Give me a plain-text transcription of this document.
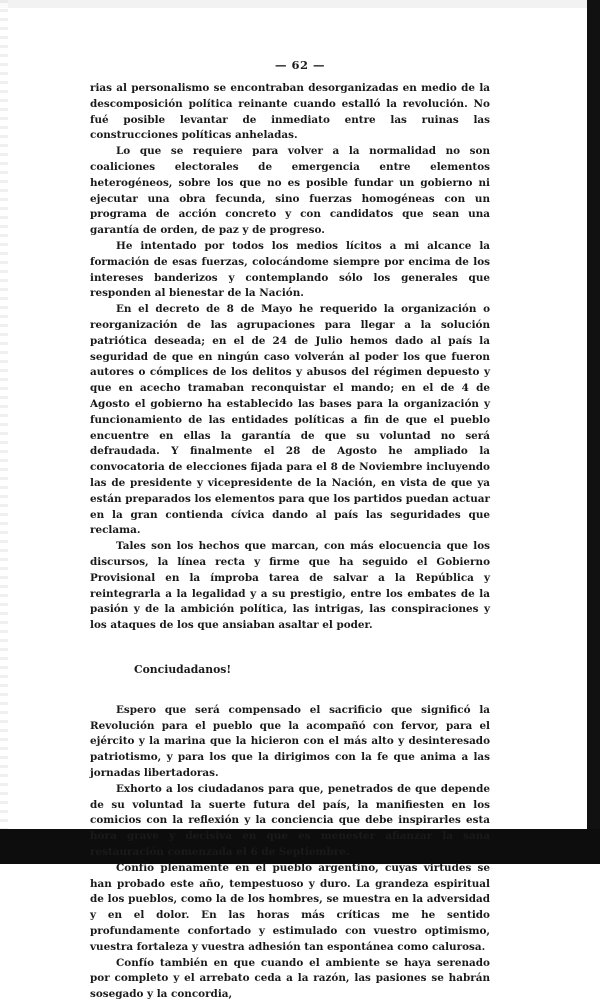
— 62 —

rias al personalismo se encontraban desorganizadas en medio de la descomposición política reinante cuando estalló la revolución. No fué posible levantar de inmediato entre las ruinas las construcciones políticas anheladas.

Lo que se requiere para volver a la normalidad no son coaliciones electorales de emergencia entre elementos heterogéneos, sobre los que no es posible fundar un gobierno ni ejecutar una obra fecunda, sino fuerzas homogéneas con un programa de acción concreto y con candidatos que sean una garantía de orden, de paz y de progreso.

He intentado por todos los medios lícitos a mi alcance la formación de esas fuerzas, colocándome siempre por encima de los intereses banderizos y contemplando sólo los generales que responden al bienestar de la Nación.

En el decreto de 8 de Mayo he requerido la organización o reorganización de las agrupaciones para llegar a la solución patriótica deseada; en el de 24 de Julio hemos dado al país la seguridad de que en ningún caso volverán al poder los que fueron autores o cómplices de los delitos y abusos del régimen depuesto y que en acecho tramaban reconquistar el mando; en el de 4 de Agosto el gobierno ha establecido las bases para la organización y funcionamiento de las entidades políticas a fin de que el pueblo encuentre en ellas la garantía de que su voluntad no será defraudada. Y finalmente el 28 de Agosto he ampliado la convocatoria de elecciones fijada para el 8 de Noviembre incluyendo las de presidente y vicepresidente de la Nación, en vista de que ya están preparados los elementos para que los partidos puedan actuar en la gran contienda cívica dando al país las seguridades que reclama.

Tales son los hechos que marcan, con más elocuencia que los discursos, la línea recta y firme que ha seguido el Gobierno Provisional en la ímproba tarea de salvar a la República y reintegrarla a la legalidad y a su prestigio, entre los embates de la pasión y de la ambición política, las intrigas, las conspiraciones y los ataques de los que ansiaban asaltar el poder.

Conciudadanos!

Espero que será compensado el sacrificio que significó la Revolución para el pueblo que la acompañó con fervor, para el ejército y la marina que la hicieron con el más alto y desinteresado patriotismo, y para los que la dirigimos con la fe que anima a las jornadas libertadoras.

Exhorto a los ciudadanos para que, penetrados de que depende de su voluntad la suerte futura del país, la manifiesten en los comicios con la reflexión y la conciencia que debe inspirarles esta hora grave y decisiva en que es menester afianzar la sana restauración comenzada el 6 de Septiembre.

Confío plenamente en el pueblo argentino, cuyas virtudes se han probado este año, tempestuoso y duro. La grandeza espiritual de los pueblos, como la de los hombres, se muestra en la adversidad y en el dolor. En las horas más críticas me he sentido profundamente confortado y estimulado con vuestro optimismo, vuestra fortaleza y vuestra adhesión tan espontánea como calurosa.

Confío también en que cuando el ambiente se haya serenado por completo y el arrebato ceda a la razón, las pasiones se habrán sosegado y la concordia,
